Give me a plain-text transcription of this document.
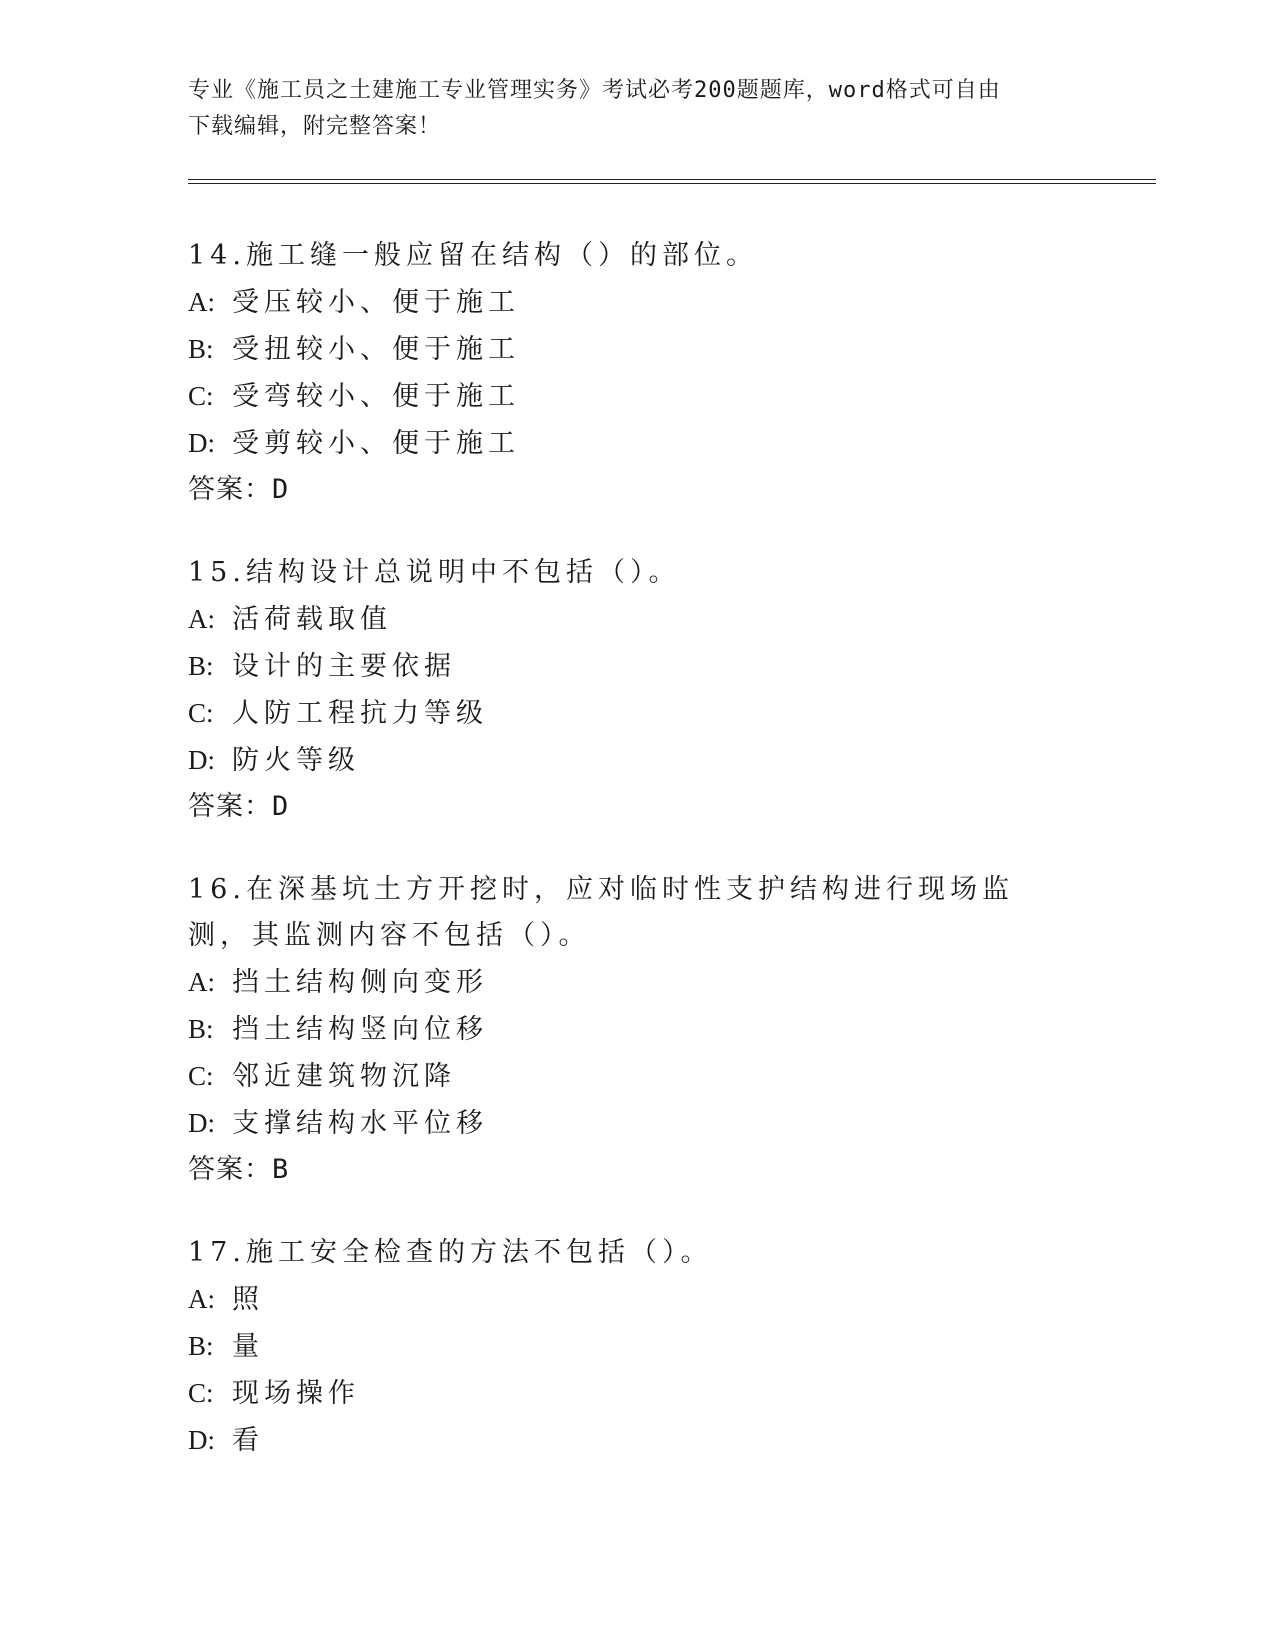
专业《施工员之土建施工专业管理实务》考试必考200题题库，word格式可自由
下载编辑，附完整答案！

14.施工缝一般应留在结构（）的部位。

A: 受压较小、便于施工

B: 受扭较小、便于施工

C: 受弯较小、便于施工

D: 受剪较小、便于施工

答案：D

15.结构设计总说明中不包括（）。

A: 活荷载取值

B: 设计的主要依据

C: 人防工程抗力等级

D: 防火等级

答案：D

16.在深基坑土方开挖时，应对临时性支护结构进行现场监测，其监测内容不包括（）。

A: 挡土结构侧向变形

B: 挡土结构竖向位移

C: 邻近建筑物沉降

D: 支撑结构水平位移

答案：B

17.施工安全检查的方法不包括（）。

A: 照

B: 量

C: 现场操作

D: 看
